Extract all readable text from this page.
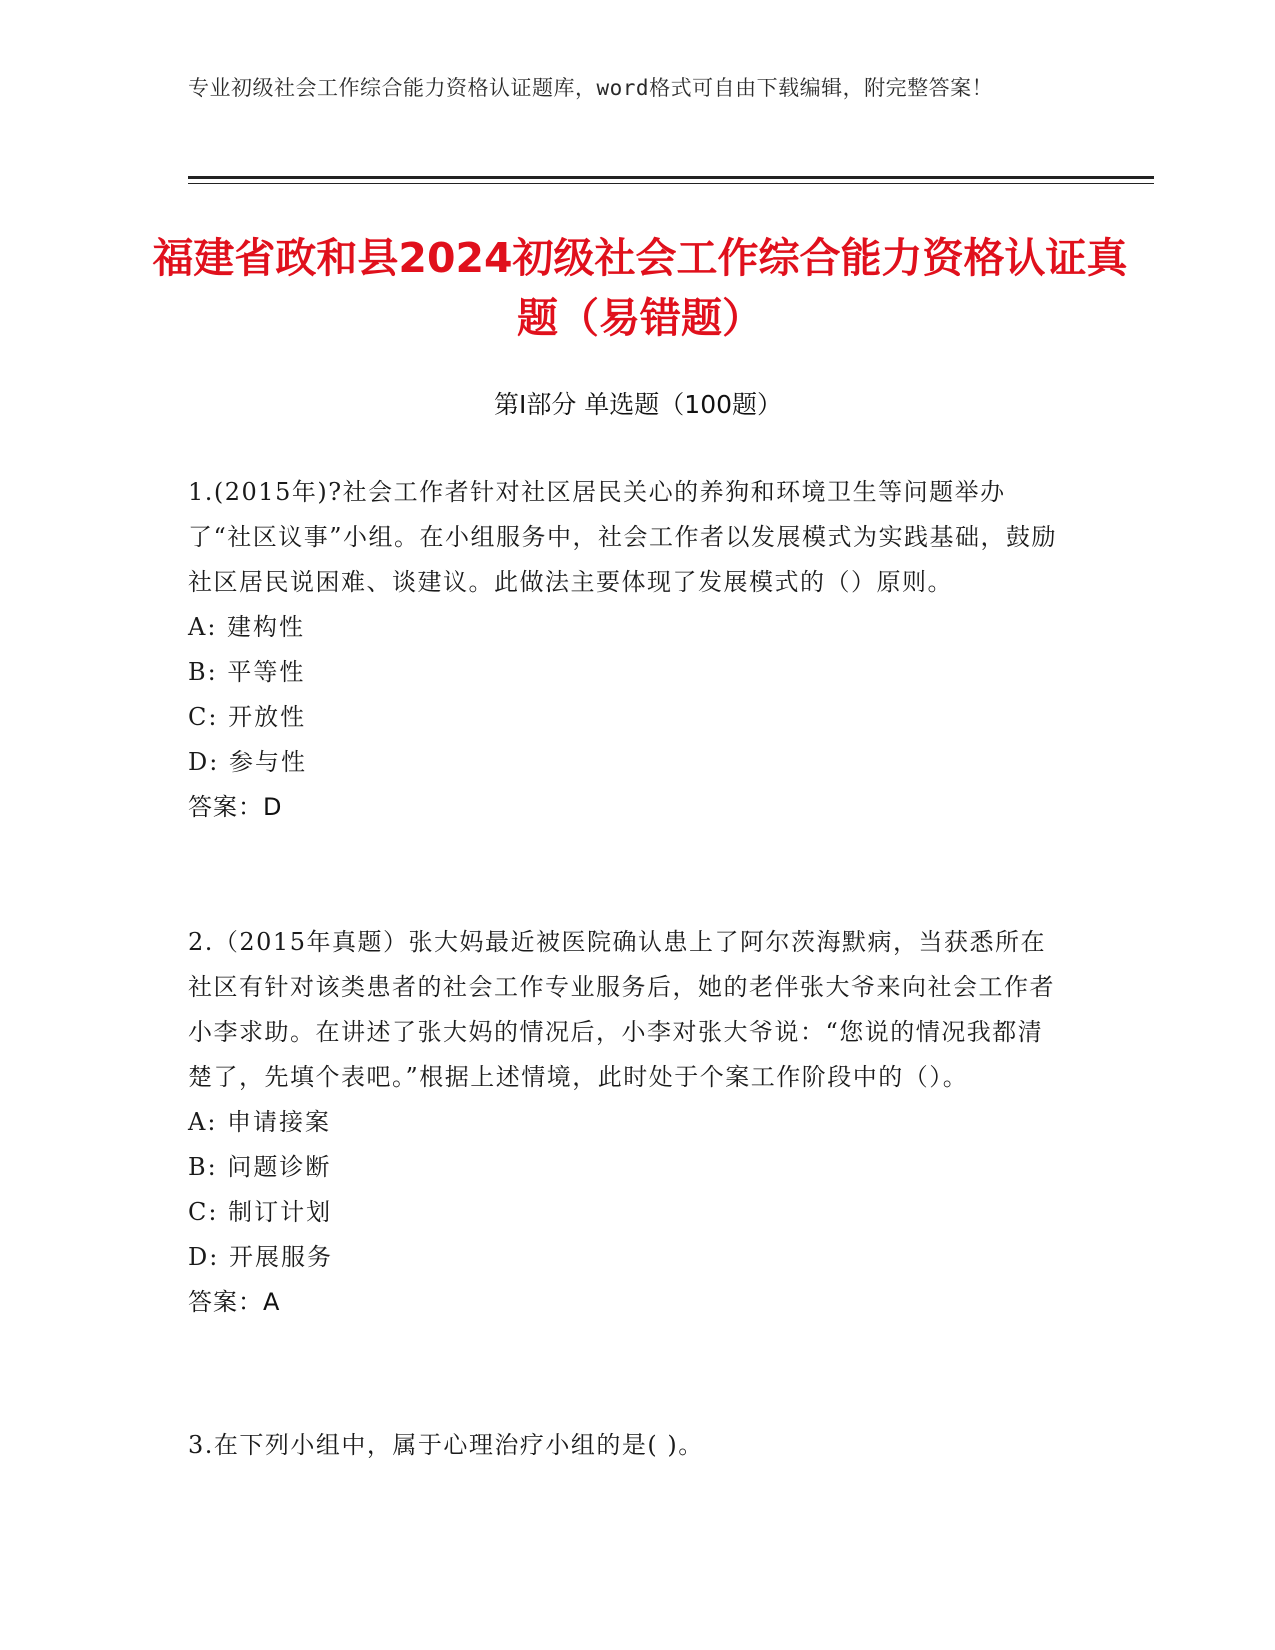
专业初级社会工作综合能力资格认证题库，word格式可自由下载编辑，附完整答案！
福建省政和县2024初级社会工作综合能力资格认证真题（易错题）
第Ⅰ部分 单选题（100题）
1.(2015年)?社会工作者针对社区居民关心的养狗和环境卫生等问题举办了“社区议事”小组。在小组服务中，社会工作者以发展模式为实践基础，鼓励社区居民说困难、谈建议。此做法主要体现了发展模式的（）原则。
A: 建构性
B: 平等性
C: 开放性
D: 参与性
答案：D
2.（2015年真题）张大妈最近被医院确认患上了阿尔茨海默病，当获悉所在社区有针对该类患者的社会工作专业服务后，她的老伴张大爷来向社会工作者小李求助。在讲述了张大妈的情况后，小李对张大爷说：“您说的情况我都清楚了，先填个表吧。”根据上述情境，此时处于个案工作阶段中的（）。
A: 申请接案
B: 问题诊断
C: 制订计划
D: 开展服务
答案：A
3.在下列小组中，属于心理治疗小组的是( )。
